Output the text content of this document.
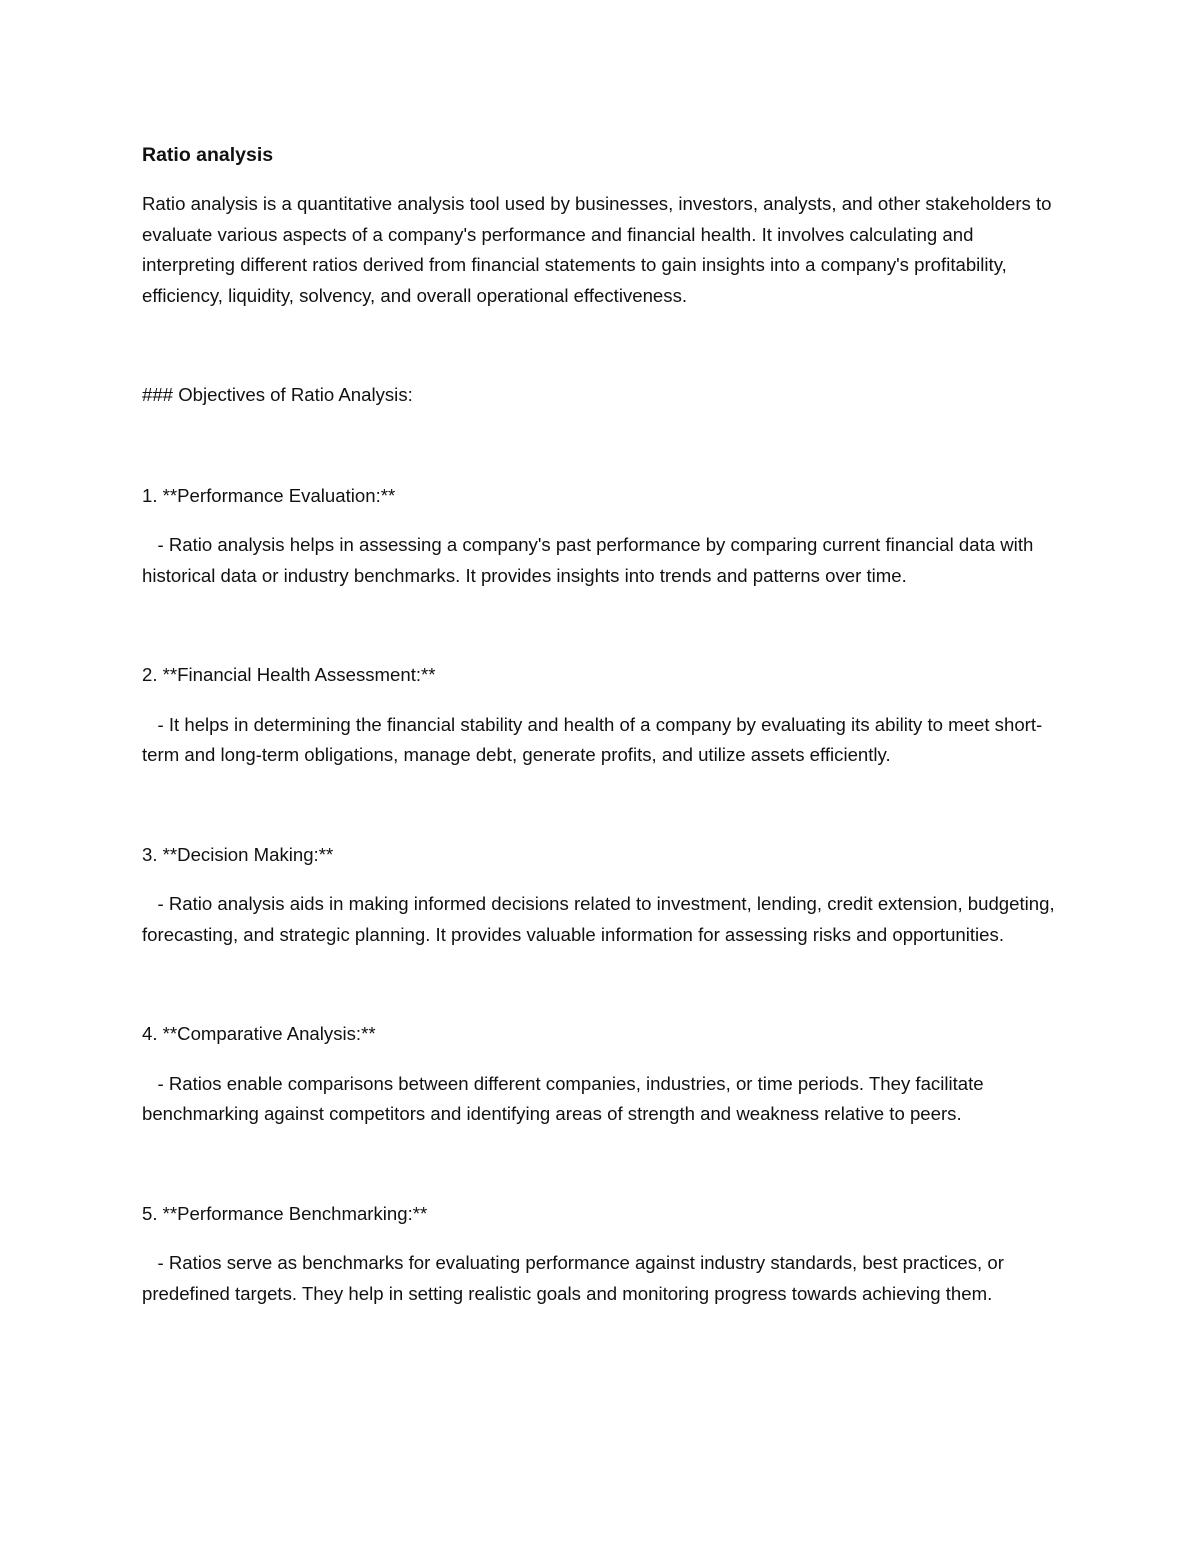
Ratio analysis

Ratio analysis is a quantitative analysis tool used by businesses, investors, analysts, and other stakeholders to evaluate various aspects of a company's performance and financial health. It involves calculating and interpreting different ratios derived from financial statements to gain insights into a company's profitability, efficiency, liquidity, solvency, and overall operational effectiveness.

### Objectives of Ratio Analysis:

1. **Performance Evaluation:**

- Ratio analysis helps in assessing a company's past performance by comparing current financial data with historical data or industry benchmarks. It provides insights into trends and patterns over time.

2. **Financial Health Assessment:**

- It helps in determining the financial stability and health of a company by evaluating its ability to meet short-term and long-term obligations, manage debt, generate profits, and utilize assets efficiently.

3. **Decision Making:**

- Ratio analysis aids in making informed decisions related to investment, lending, credit extension, budgeting, forecasting, and strategic planning. It provides valuable information for assessing risks and opportunities.

4. **Comparative Analysis:**

- Ratios enable comparisons between different companies, industries, or time periods. They facilitate benchmarking against competitors and identifying areas of strength and weakness relative to peers.

5. **Performance Benchmarking:**

- Ratios serve as benchmarks for evaluating performance against industry standards, best practices, or predefined targets. They help in setting realistic goals and monitoring progress towards achieving them.
